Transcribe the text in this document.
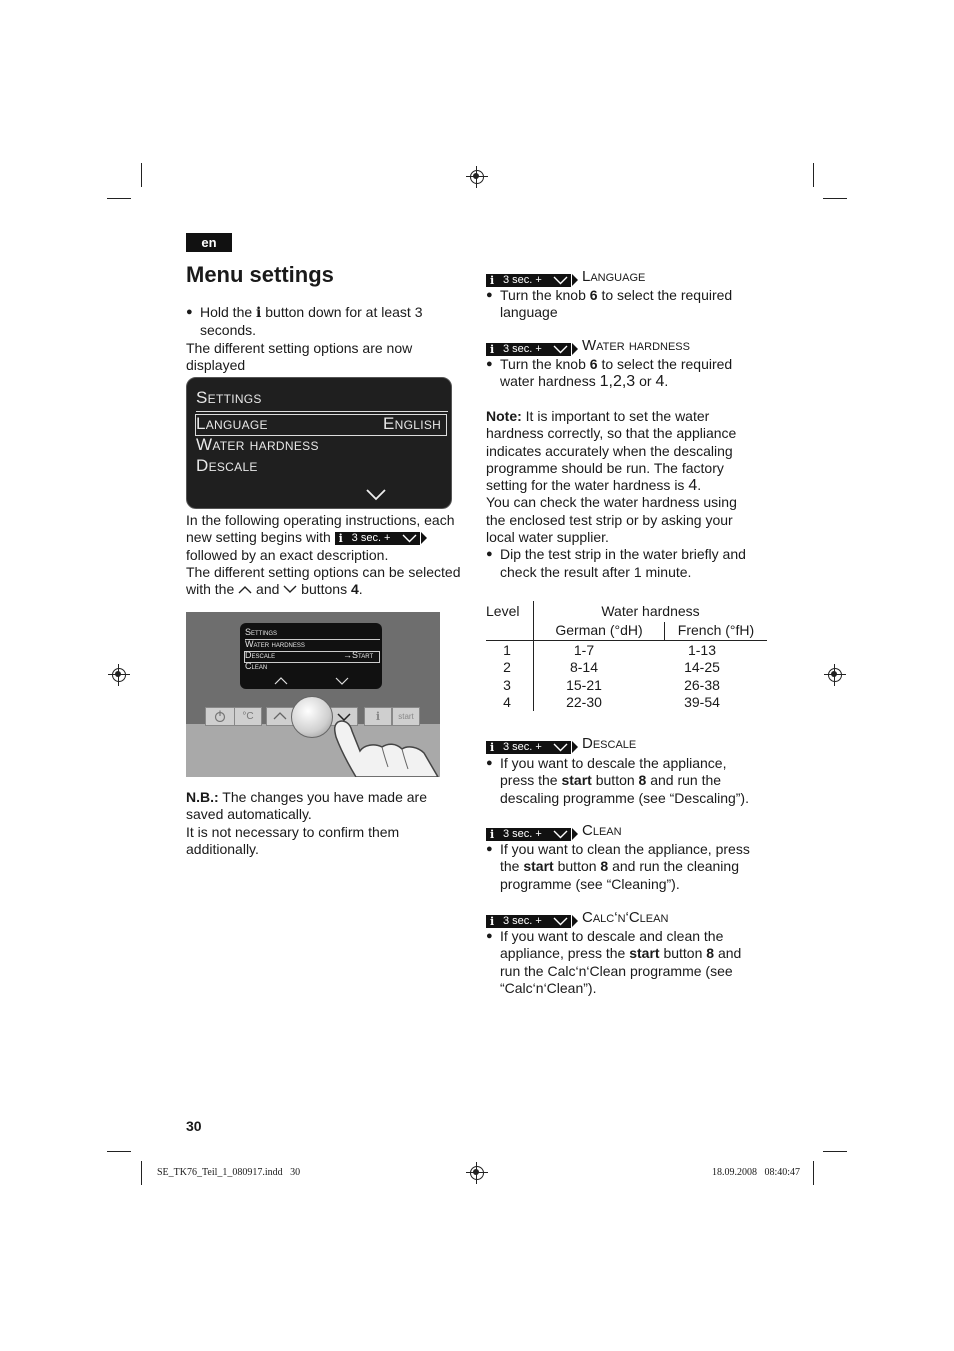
en
Menu settings
● Hold the i button down for at least 3 seconds.
The different setting options are now displayed
Settings
Language	English
Water hardness
Descale
In the following operating instructions, each new setting begins with i 3 sec. +
followed by an exact description.
The different setting options can be selected with the and buttons 4.
Settings
Water hardness
Descale	→Start
Clean
°C	i	start
N.B.: The changes you have made are saved automatically.
It is not necessary to confirm them additionally.
i 3 sec. +	Language
● Turn the knob 6 to select the required language
i 3 sec. +	Water hardness
● Turn the knob 6 to select the required water hardness 1,2,3 or 4.
Note: It is important to set the water hardness correctly, so that the appliance indicates accurately when the descaling programme should be run. The factory setting for the water hardness is 4.
You can check the water hardness using the enclosed test strip or by asking your local water supplier.
● Dip the test strip in the water briefly and check the result after 1 minute.
Level	Water hardness
German (°dH)	French (°fH)
1	1-7	1-13
2	8-14	14-25
3	15-21	26-38
4	22-30	39-54
i 3 sec. +	Descale
● If you want to descale the appliance, press the start button 8 and run the descaling programme (see “Descaling”).
i 3 sec. +	Clean
● If you want to clean the appliance, press the start button 8 and run the cleaning programme (see “Cleaning”).
i 3 sec. +	Calc‘n‘Clean
● If you want to descale and clean the appliance, press the start button 8 and run the Calc‘n‘Clean programme (see “Calc‘n‘Clean”).
30
SE_TK76_Teil_1_080917.indd   30	18.09.2008   08:40:47
